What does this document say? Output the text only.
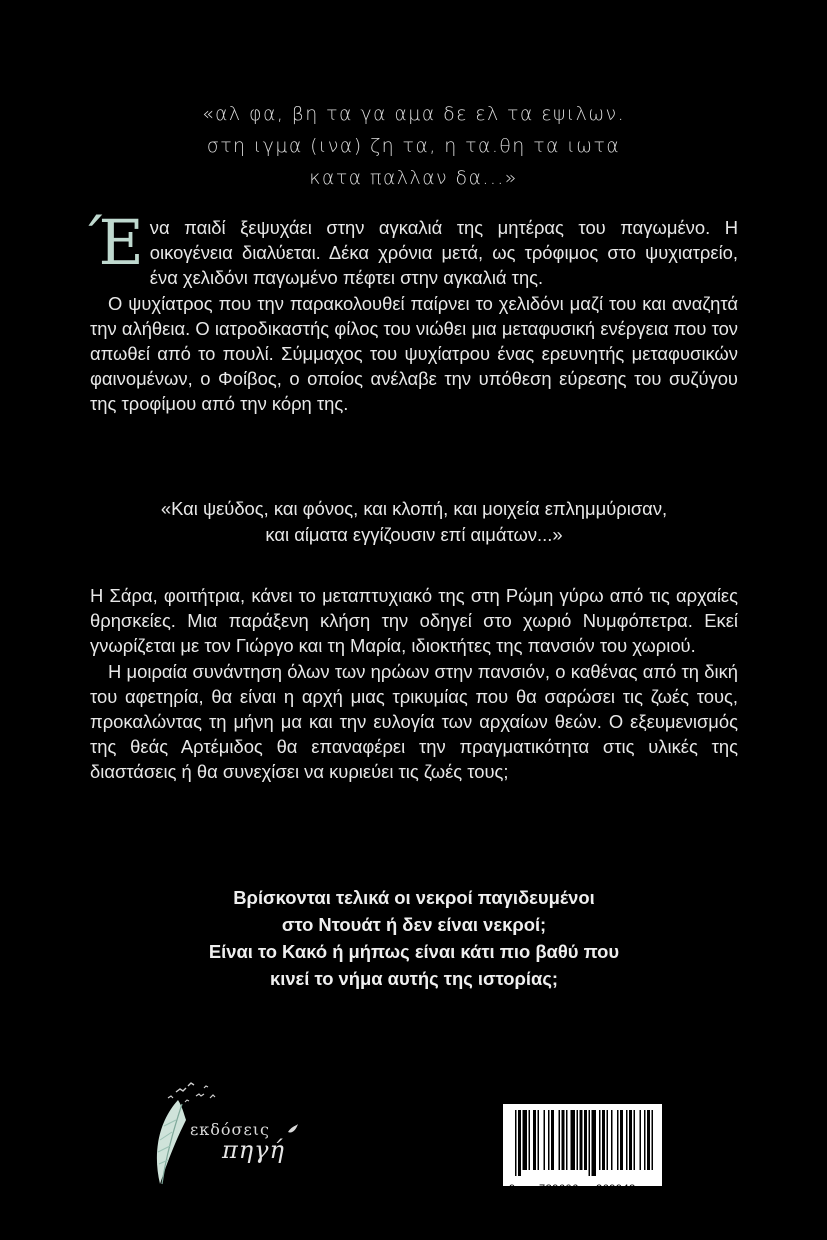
«αλ φα, βη τα γα αμα δε ελ τα εψιλων.
στη ιγμα (ινα) ζη τα, η τα.θη τα ιωτα
κατα παλλαν δα...»

Ένα παιδί ξεψυχάει στην αγκαλιά της μητέρας του παγωμένο. Η οικογένεια διαλύεται. Δέκα χρόνια μετά, ως τρόφιμος στο ψυχιατρείο, ένα χελιδόνι παγωμένο πέφτει στην αγκαλιά της.

Ο ψυχίατρος που την παρακολουθεί παίρνει το χελιδόνι μαζί του και αναζητά την αλήθεια. Ο ιατροδικαστής φίλος του νιώθει μια μεταφυσική ενέργεια που τον απωθεί από το πουλί. Σύμμαχος του ψυχίατρου ένας ερευνητής μεταφυσικών φαινομένων, ο Φοίβος, ο οποίος ανέλαβε την υπόθεση εύρεσης του συζύγου της τροφίμου από την κόρη της.

«Και ψεύδος, και φόνος, και κλοπή, και μοιχεία επλημμύρισαν,
και αίματα εγγίζουσιν επί αιμάτων...»

Η Σάρα, φοιτήτρια, κάνει το μεταπτυχιακό της στη Ρώμη γύρω από τις αρχαίες θρησκείες. Μια παράξενη κλήση την οδηγεί στο χωριό Νυμφόπετρα. Εκεί γνωρίζεται με τον Γιώργο και τη Μαρία, ιδιοκτήτες της πανσιόν του χωριού.

Η μοιραία συνάντηση όλων των ηρώων στην πανσιόν, ο καθένας από τη δική του αφετηρία, θα είναι η αρχή μιας τρικυμίας που θα σαρώσει τις ζωές τους, προκαλώντας τη μήνη μα και την ευλογία των αρχαίων θεών. Ο εξευμενισμός της θεάς Αρτέμιδος θα επαναφέρει την πραγματικότητα στις υλικές της διαστάσεις ή θα συνεχίσει να κυριεύει τις ζωές τους;

Βρίσκονται τελικά οι νεκροί παγιδευμένοι
στο Ντουάτ ή δεν είναι νεκροί;
Είναι το Κακό ή μήπως είναι κάτι πιο βαθύ που
κινεί το νήμα αυτής της ιστορίας;
εκδόσεις
πηγή
9 789606 269943
